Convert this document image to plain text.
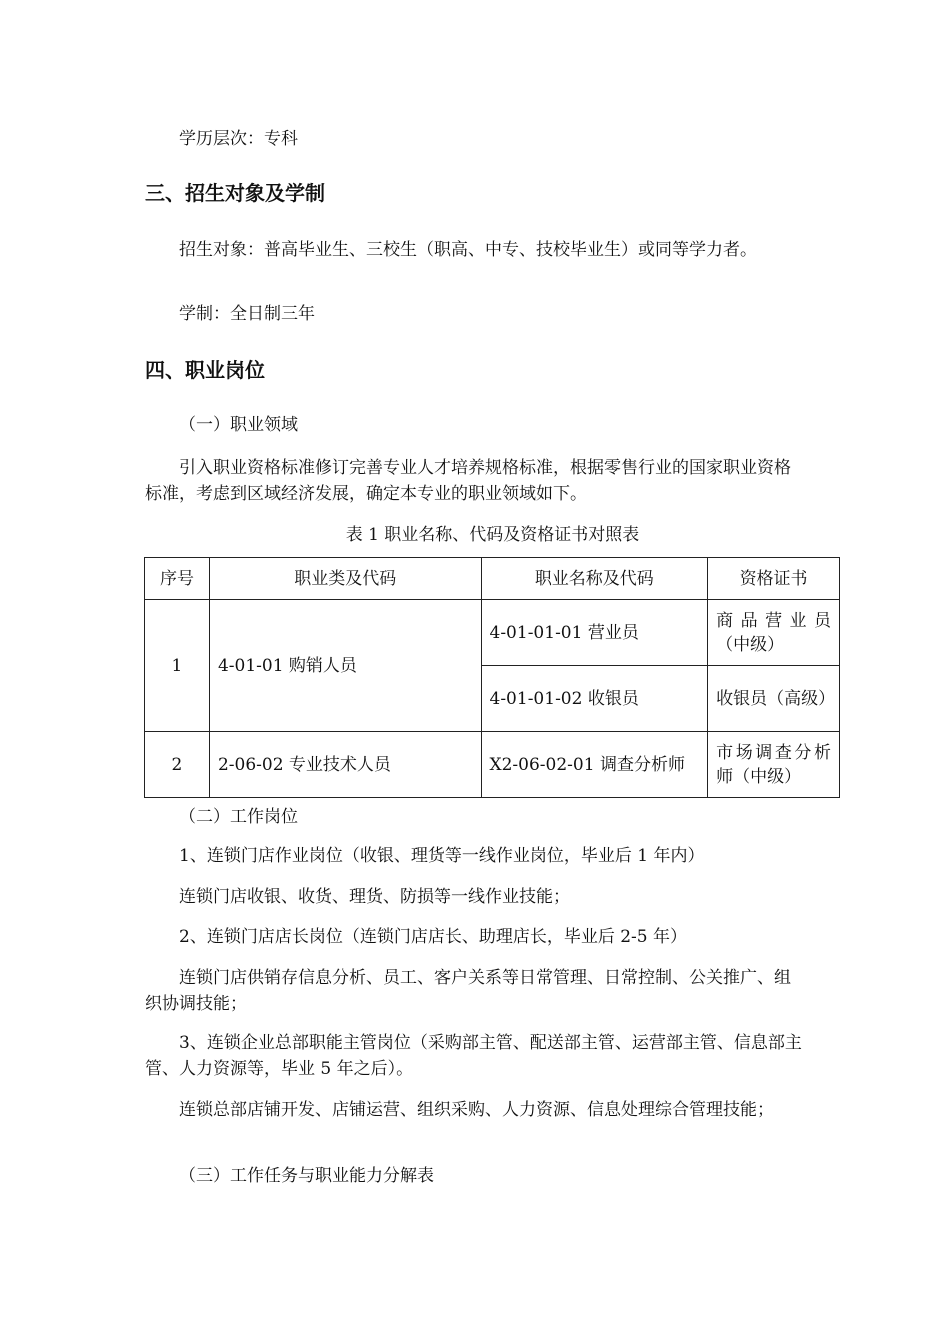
学历层次：专科

三、招生对象及学制

招生对象：普高毕业生、三校生（职高、中专、技校毕业生）或同等学力者。

学制：全日制三年

四、职业岗位

（一）职业领域

引入职业资格标准修订完善专业人才培养规格标准，根据零售行业的国家职业资格标准，考虑到区域经济发展，确定本专业的职业领域如下。

表 1 职业名称、代码及资格证书对照表

序号	职业类及代码	职业名称及代码	资格证书
1	4-01-01 购销人员	4-01-01-01 营业员	商品营业员（中级）
		4-01-01-02 收银员	收银员（高级）
2	2-06-02 专业技术人员	X2-06-02-01 调查分析师	市场调查分析师（中级）

（二）工作岗位

1、连锁门店作业岗位（收银、理货等一线作业岗位，毕业后 1 年内）

连锁门店收银、收货、理货、防损等一线作业技能；

2、连锁门店店长岗位（连锁门店店长、助理店长，毕业后 2-5 年）

连锁门店供销存信息分析、员工、客户关系等日常管理、日常控制、公关推广、组织协调技能；

3、连锁企业总部职能主管岗位（采购部主管、配送部主管、运营部主管、信息部主管、人力资源等，毕业 5 年之后）。

连锁总部店铺开发、店铺运营、组织采购、人力资源、信息处理综合管理技能；

（三）工作任务与职业能力分解表
